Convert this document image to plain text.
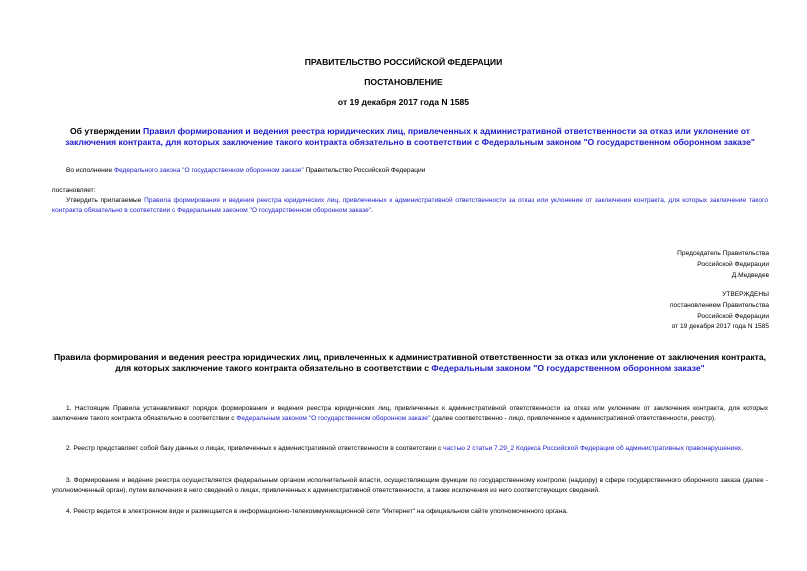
ПРАВИТЕЛЬСТВО РОССИЙСКОЙ ФЕДЕРАЦИИ
ПОСТАНОВЛЕНИЕ
от 19 декабря 2017 года N 1585
Об утверждении Правил формирования и ведения реестра юридических лиц, привлеченных к административной ответственности за отказ или уклонение от заключения контракта, для которых заключение такого контракта обязательно в соответствии с Федеральным законом "О государственном оборонном заказе"
Во исполнение Федерального закона "О государственном оборонном заказе" Правительство Российской Федерации
постановляет:
Утвердить прилагаемые Правила формирования и ведения реестра юридических лиц, привлеченных к административной ответственности за отказ или уклонение от заключения контракта, для которых заключение такого контракта обязательно в соответствии с Федеральным законом "О государственном оборонном заказе".
Председатель Правительства
Российской Федерации
Д.Медведев
УТВЕРЖДЕНЫ
постановлением Правительства
Российской Федерации
от 19 декабря 2017 года N 1585
Правила формирования и ведения реестра юридических лиц, привлеченных к административной ответственности за отказ или уклонение от заключения контракта, для которых заключение такого контракта обязательно в соответствии с Федеральным законом "О государственном оборонном заказе"
1. Настоящие Правила устанавливают порядок формирования и ведения реестра юридических лиц, привлеченных к административной ответственности за отказ или уклонение от заключения контракта, для которых заключение такого контракта обязательно в соответствии с Федеральным законом "О государственном оборонном заказе" (далее соответственно - лицо, привлеченное к административной ответственности, реестр).
2. Реестр представляет собой базу данных о лицах, привлеченных к административной ответственности в соответствии с частью 2 статьи 7.29_2 Кодекса Российской Федерации об административных правонарушениях.
3. Формирование и ведение реестра осуществляется федеральным органом исполнительной власти, осуществляющим функции по государственному контролю (надзору) в сфере государственного оборонного заказа (далее - уполномоченный орган), путем включения в него сведений о лицах, привлеченных к административной ответственности, а также исключения из него соответствующих сведений.
4. Реестр ведется в электронном виде и размещается в информационно-телекоммуникационной сети "Интернет" на официальном сайте уполномоченного органа.
